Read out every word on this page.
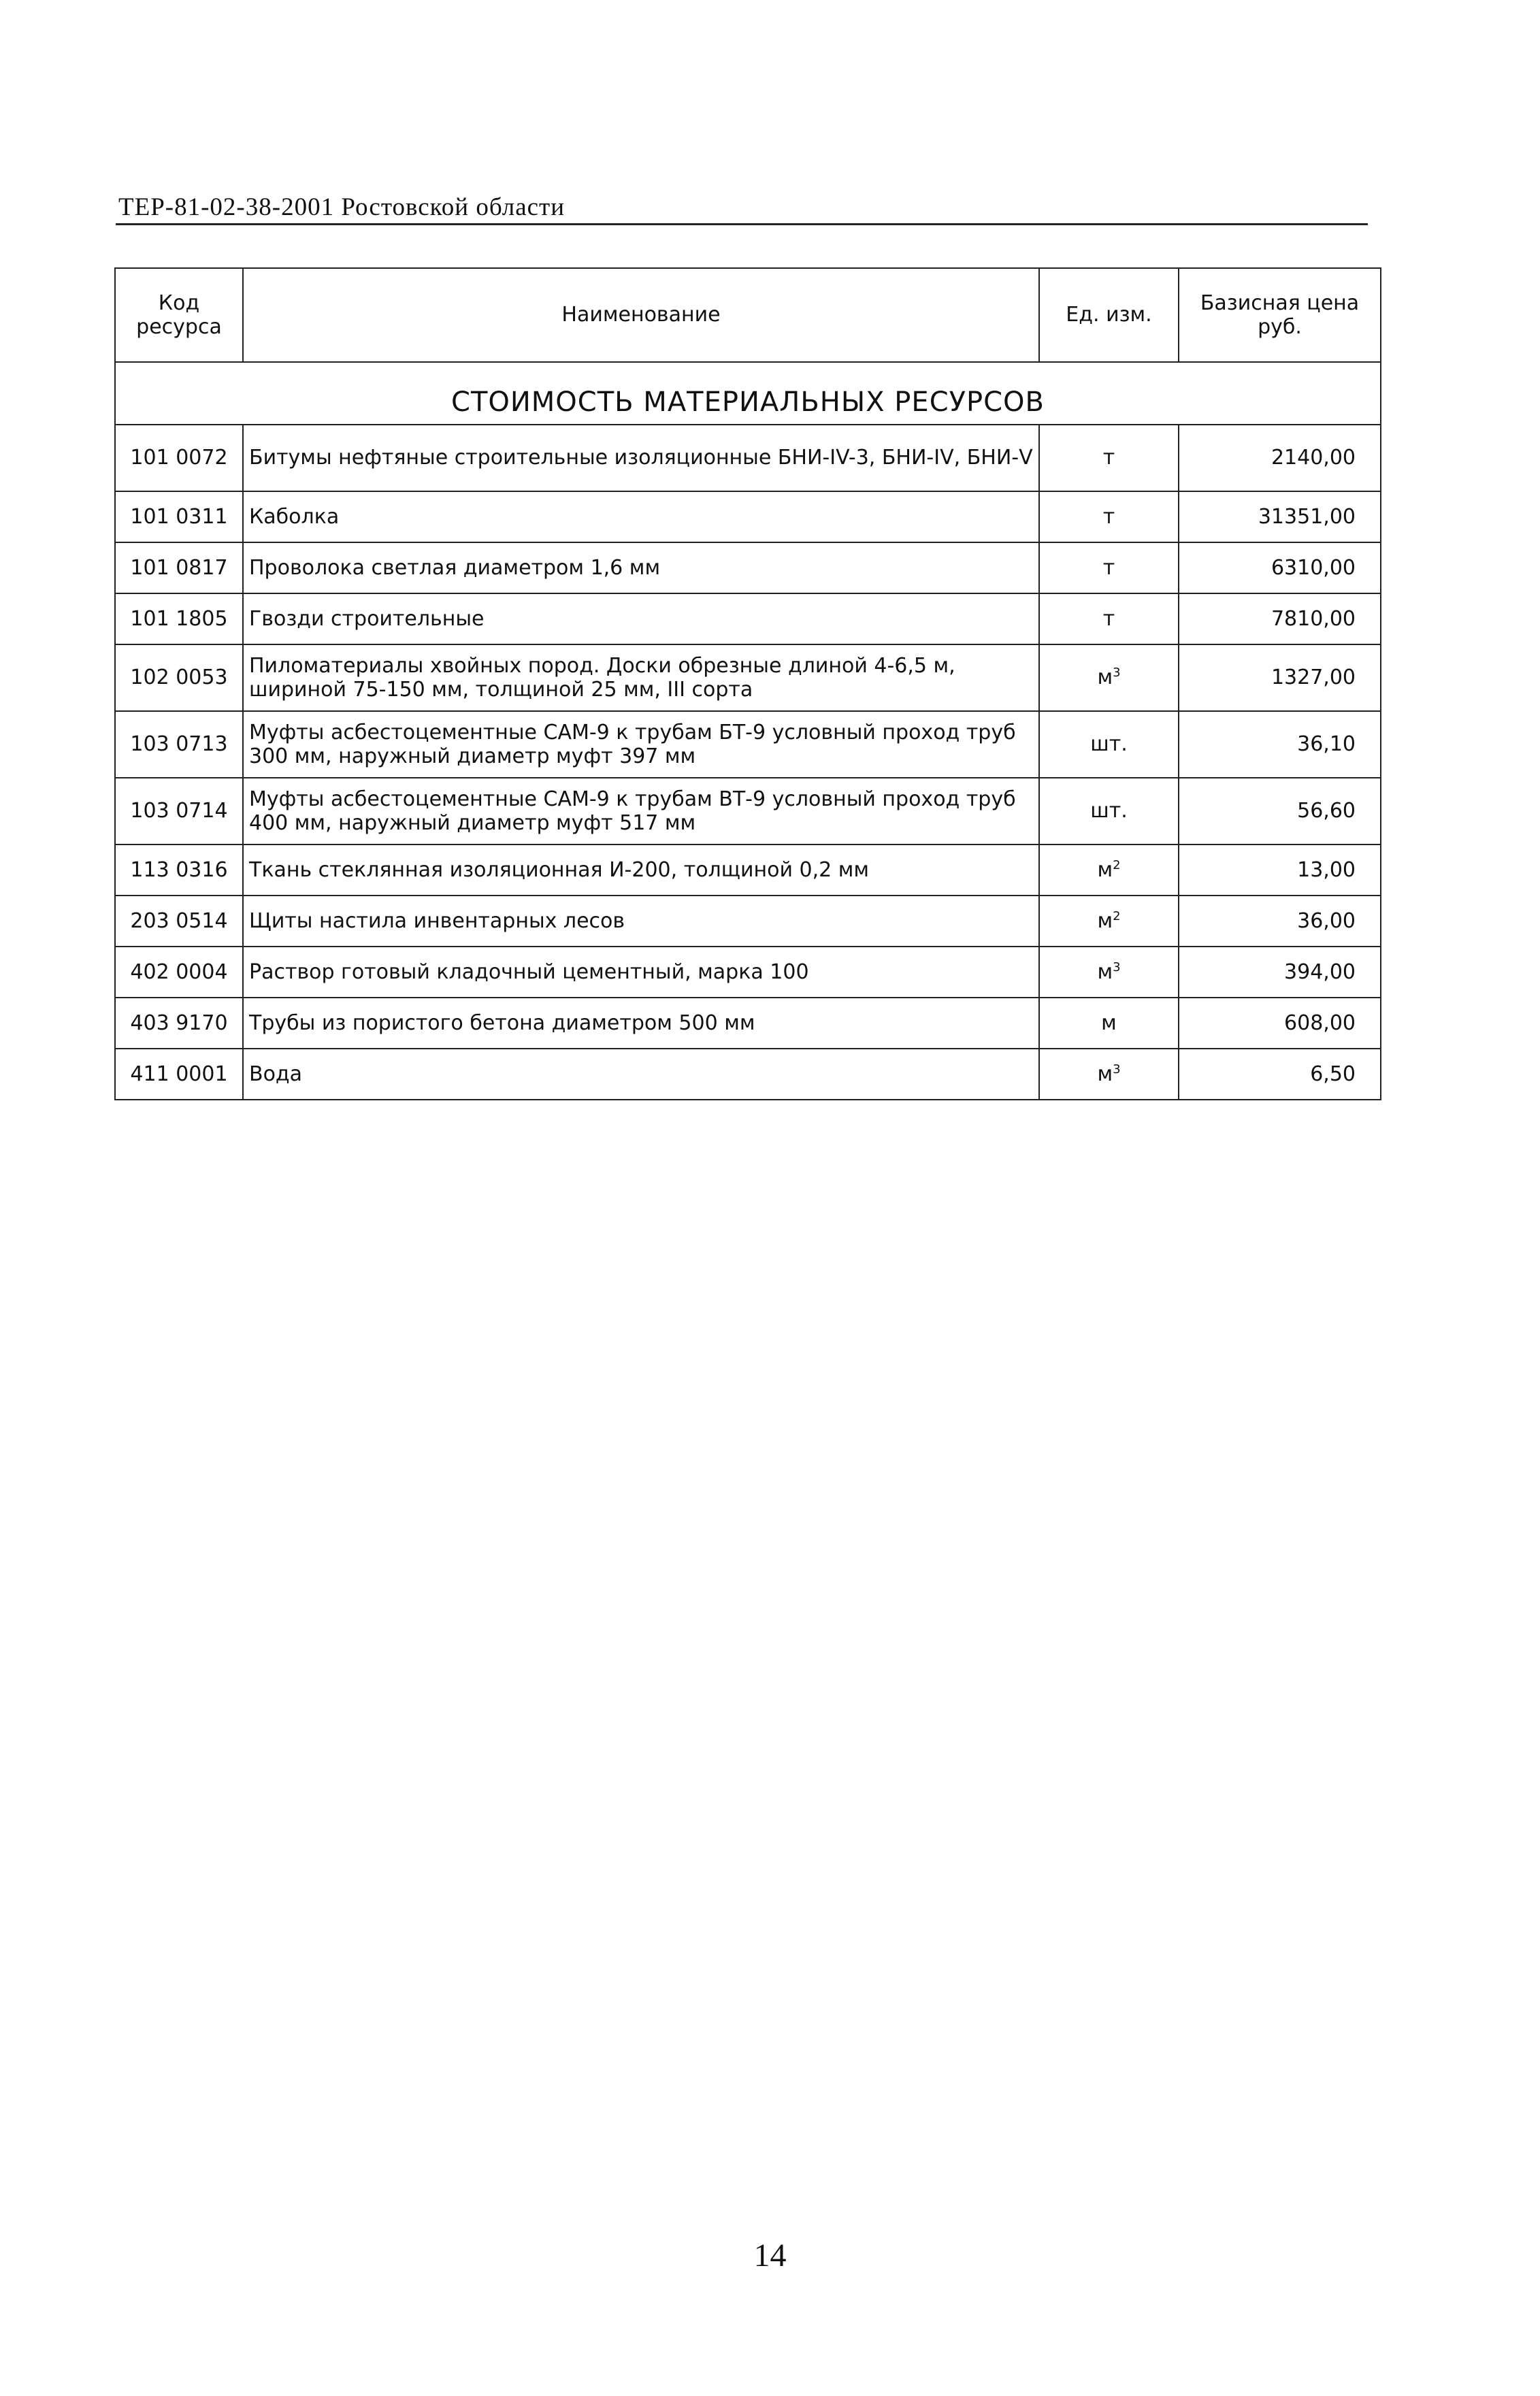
ТЕР-81-02-38-2001 Ростовской области
Код ресурса	Наименование	Ед. изм.	Базисная цена руб.
СТОИМОСТЬ МАТЕРИАЛЬНЫХ РЕСУРСОВ			
101 0072	Битумы нефтяные строительные изоляционные БНИ-IV-3, БНИ-IV, БНИ-V	т	2140,00
101 0311	Каболка	т	31351,00
101 0817	Проволока светлая диаметром 1,6 мм	т	6310,00
101 1805	Гвозди строительные	т	7810,00
102 0053	Пиломатериалы хвойных пород. Доски обрезные длиной 4-6,5 м, шириной 75-150 мм, толщиной 25 мм, III сорта	$м^3$	1327,00
103 0713	Муфты асбестоцементные САМ-9 к трубам БТ-9 условный проход труб 300 мм, наружный диаметр муфт 397 мм	шт.	36,10
103 0714	Муфты асбестоцементные САМ-9 к трубам ВТ-9 условный проход труб 400 мм, наружный диаметр муфт 517 мм	шт.	56,60
113 0316	Ткань стеклянная изоляционная И-200, толщиной 0,2 мм	$м^2$	13,00
203 0514	Щиты настила инвентарных лесов	$м^2$	36,00
402 0004	Раствор готовый кладочный цементный, марка 100	$м^3$	394,00
403 9170	Трубы из пористого бетона диаметром 500 мм	м	608,00
411 0001	Вода	$м^3$	6,50
14
